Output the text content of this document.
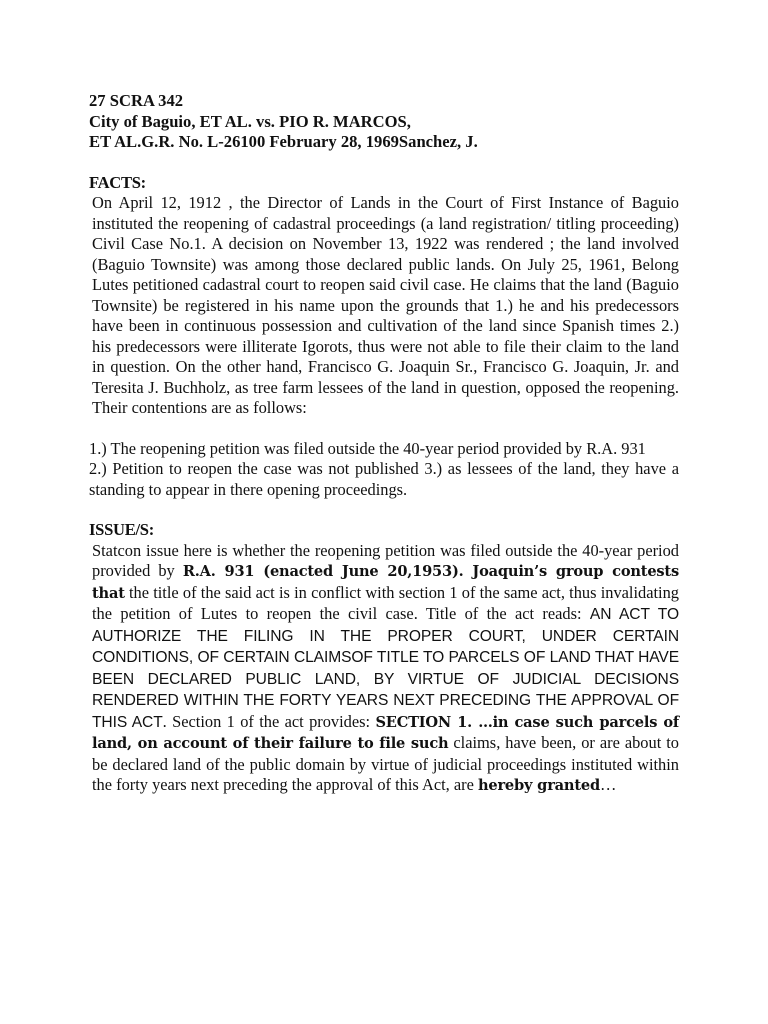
27 SCRA 342

City of Baguio, ET AL. vs. PIO R. MARCOS,

ET AL.G.R. No. L-26100 February 28, 1969Sanchez, J.

FACTS:

On April 12, 1912 , the Director of Lands in the Court of First Instance of Baguio instituted the reopening of cadastral proceedings (a land registration/ titling proceeding) Civil Case No.1. A decision on November 13, 1922 was rendered ; the land involved (Baguio Townsite) was among those declared public lands. On July 25, 1961, Belong Lutes petitioned cadastral court to reopen said civil case. He claims that the land (Baguio Townsite) be registered in his name upon the grounds that 1.) he and his predecessors have been in continuous possession and cultivation of the land since Spanish times 2.) his predecessors were illiterate Igorots, thus were not able to file their claim to the land in question. On the other hand, Francisco G. Joaquin Sr., Francisco G. Joaquin, Jr. and Teresita J. Buchholz, as tree farm lessees of the land in question, opposed the reopening. Their contentions are as follows:

1.) The reopening petition was filed outside the 40-year period provided by R.A. 931

2.) Petition to reopen the case was not published 3.) as lessees of the land, they have a standing to appear in there opening proceedings.

ISSUE/S:

Statcon issue here is whether the reopening petition was filed outside the 40-year period provided by R.A. 931 (enacted June 20,1953). Joaquin’s group contests that the title of the said act is in conflict with section 1 of the same act, thus invalidating the petition of Lutes to reopen the civil case. Title of the act reads: AN ACT TO AUTHORIZE THE FILING IN THE PROPER COURT, UNDER CERTAIN CONDITIONS, OF CERTAIN CLAIMSOF TITLE TO PARCELS OF LAND THAT HAVE BEEN DECLARED PUBLIC LAND, BY VIRTUE OF JUDICIAL DECISIONS RENDERED WITHIN THE FORTY YEARS NEXT PRECEDING THE APPROVAL OF THIS ACT. Section 1 of the act provides: SECTION 1. …in case such parcels of land, on account of their failure to file such claims, have been, or are about to be declared land of the public domain by virtue of judicial proceedings instituted within the forty years next preceding the approval of this Act, are hereby granted…
